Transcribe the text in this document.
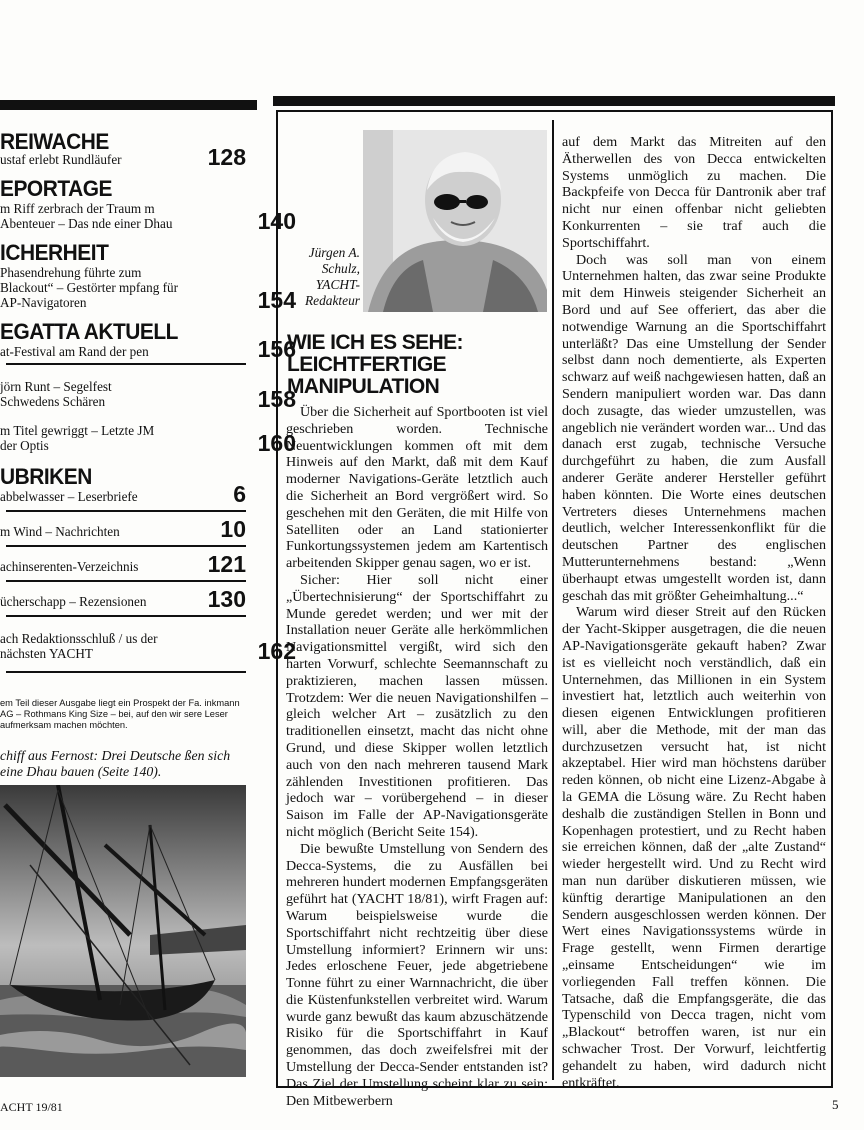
REIWACHE
ustaf erlebt Rundläufer	128
EPORTAGE
m Riff zerbrach der Traum m Abenteuer – Das nde einer Dhau	140
ICHERHEIT
Phasendrehung führte zum Blackout“ – Gestörter mpfang für AP-Navigatoren	154
EGATTA AKTUELL
at-Festival am Rand der pen	156
jörn Runt – Segelfest Schwedens Schären	158
m Titel gewriggt – Letzte JM der Optis	160
UBRIKEN
abbelwasser – Leserbriefe	6
m Wind – Nachrichten	10
achinserenten-Verzeichnis	121
ücherschapp – Rezensionen	130
ach Redaktionsschluß / us der nächsten YACHT	162
em Teil dieser Ausgabe liegt ein Prospekt der Fa. inkmann AG – Rothmans King Size – bei, auf den wir sere Leser aufmerksam machen möchten.
chiff aus Fernost: Drei Deutsche ßen sich eine Dhau bauen (Seite 140).
ACHT 19/81	5
Jürgen A. Schulz, YACHT-Redakteur
WIE ICH ES SEHE:
LEICHTFERTIGE MANIPULATION

Über die Sicherheit auf Sportbooten ist viel geschrieben worden. Technische Neuentwicklungen kommen oft mit dem Hinweis auf den Markt, daß mit dem Kauf moderner Navigations-Geräte letztlich auch die Sicherheit an Bord vergrößert wird. So geschehen mit den Geräten, die mit Hilfe von Satelliten oder an Land stationierter Funkortungssystemen jedem am Kartentisch arbeitenden Skipper genau sagen, wo er ist.

Sicher: Hier soll nicht einer „Übertechnisierung“ der Sportschiffahrt zu Munde geredet werden; und wer mit der Installation neuer Geräte alle herkömmlichen Navigationsmittel vergißt, wird sich den harten Vorwurf, schlechte Seemannschaft zu praktizieren, machen lassen müssen. Trotzdem: Wer die neuen Navigationshilfen – gleich welcher Art – zusätzlich zu den traditionellen einsetzt, macht das nicht ohne Grund, und diese Skipper wollen letztlich auch von den nach mehreren tausend Mark zählenden Investitionen profitieren. Das jedoch war – vorübergehend – in dieser Saison im Falle der AP-Navigationsgeräte nicht möglich (Bericht Seite 154).

Die bewußte Umstellung von Sendern des Decca-Systems, die zu Ausfällen bei mehreren hundert modernen Empfangsgeräten geführt hat (YACHT 18/81), wirft Fragen auf: Warum beispielsweise wurde die Sportschiffahrt nicht rechtzeitig über diese Umstellung informiert? Erinnern wir uns: Jedes erloschene Feuer, jede abgetriebene Tonne führt zu einer Warnnachricht, die über die Küstenfunkstellen verbreitet wird. Warum wurde ganz bewußt das kaum abzuschätzende Risiko für die Sportschiffahrt in Kauf genommen, das doch zweifelsfrei mit der Umstellung der Decca-Sender entstanden ist? Das Ziel der Umstellung scheint klar zu sein: Den Mitbewerbern

auf dem Markt das Mitreiten auf den Ätherwellen des von Decca entwickelten Systems unmöglich zu machen. Die Backpfeife von Decca für Dantronik aber traf nicht nur einen offenbar nicht geliebten Konkurrenten – sie traf auch die Sportschiffahrt.

Doch was soll man von einem Unternehmen halten, das zwar seine Produkte mit dem Hinweis steigender Sicherheit an Bord und auf See offeriert, das aber die notwendige Warnung an die Sportschiffahrt unterläßt? Das eine Umstellung der Sender selbst dann noch dementierte, als Experten schwarz auf weiß nachgewiesen hatten, daß an Sendern manipuliert worden war. Das dann doch zusagte, das wieder umzustellen, was angeblich nie verändert worden war... Und das danach erst zugab, technische Versuche durchgeführt zu haben, die zum Ausfall anderer Geräte anderer Hersteller geführt haben könnten. Die Worte eines deutschen Vertreters dieses Unternehmens machen deutlich, welcher Interessenkonflikt für die deutschen Partner des englischen Mutterunternehmens bestand: „Wenn überhaupt etwas umgestellt worden ist, dann geschah das mit größter Geheimhaltung...“

Warum wird dieser Streit auf den Rücken der Yacht-Skipper ausgetragen, die die neuen AP-Navigationsgeräte gekauft haben? Zwar ist es vielleicht noch verständlich, daß ein Unternehmen, das Millionen in ein System investiert hat, letztlich auch weiterhin von diesen eigenen Entwicklungen profitieren will, aber die Methode, mit der man das durchzusetzen versucht hat, ist nicht akzeptabel. Hier wird man höchstens darüber reden können, ob nicht eine Lizenz-Abgabe à la GEMA die Lösung wäre. Zu Recht haben deshalb die zuständigen Stellen in Bonn und Kopenhagen protestiert, und zu Recht haben sie erreichen können, daß der „alte Zustand“ wieder hergestellt wird. Und zu Recht wird man nun darüber diskutieren müssen, wie künftig derartige Manipulationen an den Sendern ausgeschlossen werden können. Der Wert eines Navigationssystems würde in Frage gestellt, wenn Firmen derartige „einsame Entscheidungen“ wie im vorliegenden Fall treffen können. Die Tatsache, daß die Empfangsgeräte, die das Typenschild von Decca tragen, nicht vom „Blackout“ betroffen waren, ist nur ein schwacher Trost. Der Vorwurf, leichtfertig gehandelt zu haben, wird dadurch nicht entkräftet.
